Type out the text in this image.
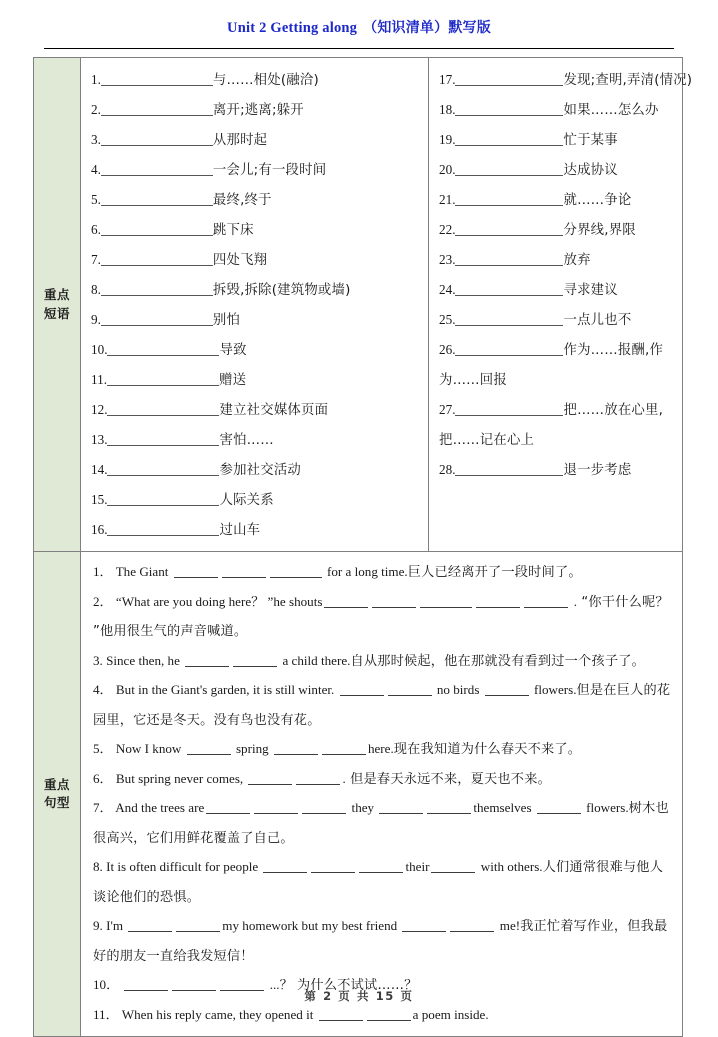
Unit 2 Getting along （知识清单）默写版
重点
短语
1.	与……相处(融洽)
2.	离开;逃离;躲开
3.	从那时起
4.	一会儿;有一段时间
5.	最终,终于
6.	跳下床
7.	四处飞翔
8.	拆毁,拆除(建筑物或墙)
9.	别怕
10.	导致
11.	赠送
12.	建立社交媒体页面
13.	害怕……
14.	参加社交活动
15.	人际关系
16.	过山车
17.	发现;查明,弄清(情况)
18.	如果……怎么办
19.	忙于某事
20.	达成协议
21.	就……争论
22.	分界线,界限
23.	放弃
24.	寻求建议
25.	一点儿也不
26.	作为……报酬,作为……回报
27.	把……放在心里,把……记在心上
28.	退一步考虑
重点
句型
1． The Giant	for a long time.巨人已经离开了一段时间了。
2． “What are you doing here？ ”he shouts	. “你干什么呢？ ”他用很生气的声音喊道。
3. Since then, he	a child there.自从那时候起，他在那就没有看到过一个孩子了。
4． But in the Giant's garden, it is still winter.	no birds	flowers.但是在巨人的花园里，它还是冬天。没有鸟也没有花。
5． Now I know	spring	here.现在我知道为什么春天不来了。
6． But spring never comes,	. 但是春天永远不来，夏天也不来。
7． And the trees are	they	themselves	flowers.树木也很高兴，它们用鲜花覆盖了自己。
8. It is often difficult for people	their	with others.人们通常很难与他人谈论他们的恐惧。
9. I'm	my homework but my best friend	me!我正忙着写作业，但我最好的朋友一直给我发短信！
10．	...？ 为什么不试试……？
11． When his reply came, they opened it	a poem inside.
第 2 页 共 15 页
